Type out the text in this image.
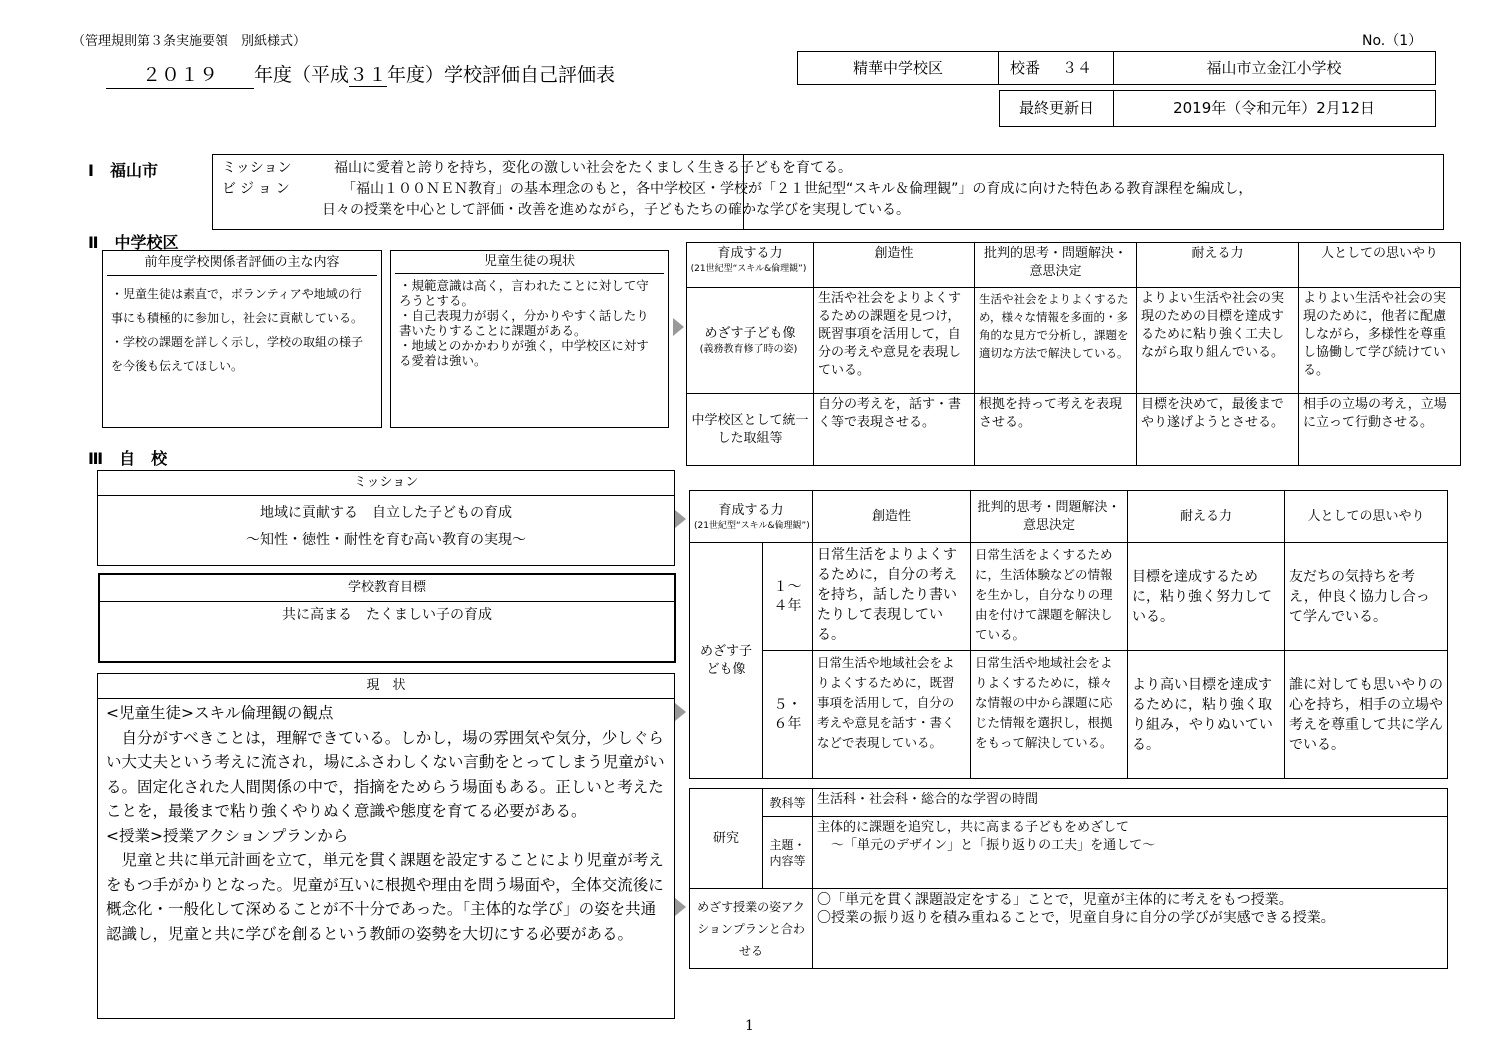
（管理規則第３条実施要領　別紙様式）	No.（1）
２０１９ 年度（平成３１年度）学校評価自己評価表	精華中学校区	校番 ３４	福山市立金江小学校
最終更新日	2019年（令和元年）2月12日
Ⅰ　福山市	ミッション	福山に愛着と誇りを持ち，変化の激しい社会をたくましく生きる子どもを育てる。
ビジョン	「福山１００ＮＥＮ教育」の基本理念のもと，各中学校区・学校が「２１世紀型“スキル＆倫理観”」の育成に向けた特色ある教育課程を編成し，
日々の授業を中心として評価・改善を進めながら，子どもたちの確かな学びを実現している。
Ⅱ　中学校区
前年度学校関係者評価の主な内容
・児童生徒は素直で，ボランティアや地域の行事にも積極的に参加し，社会に貢献している。
・学校の課題を詳しく示し，学校の取組の様子を今後も伝えてほしい。
児童生徒の現状
・規範意識は高く，言われたことに対して守ろうとする。
・自己表現力が弱く，分かりやすく話したり書いたりすることに課題がある。
・地域とのかかわりが強く，中学校区に対する愛着は強い。
育成する力
(21世紀型“スキル&倫理観”)	創造性	批判的思考・問題解決・意思決定	耐える力	人としての思いやり

めざす子ども像
(義務教育修了時の姿)	生活や社会をよりよくするための課題を見つけ，既習事項を活用して，自分の考えや意見を表現している。	生活や社会をよりよくするため，様々な情報を多面的・多角的な見方で分析し，課題を適切な方法で解決している。	よりよい生活や社会の実現のための目標を達成するために粘り強く工夫しながら取り組んでいる。	よりよい生活や社会の実現のために，他者に配慮しながら，多様性を尊重し協働して学び続けている。
中学校区として統一した取組等	自分の考えを，話す・書く等で表現させる。	根拠を持って考えを表現させる。	目標を決めて，最後までやり遂げようとさせる。	相手の立場の考え，立場に立って行動させる。
Ⅲ　自　校
ミッション
地域に貢献する　自立した子どもの育成
～知性・徳性・耐性を育む高い教育の実現～
学校教育目標
共に高まる　たくましい子の育成
現　状
<児童生徒>スキル倫理観の観点
　自分がすべきことは，理解できている。しかし，場の雰囲気や気分，少しぐらい大丈夫という考えに流され，場にふさわしくない言動をとってしまう児童がいる。固定化された人間関係の中で，指摘をためらう場面もある。正しいと考えたことを，最後まで粘り強くやりぬく意識や態度を育てる必要がある。
<授業>授業アクションプランから
　児童と共に単元計画を立て，単元を貫く課題を設定することにより児童が考えをもつ手がかりとなった。児童が互いに根拠や理由を問う場面や，全体交流後に概念化・一般化して深めることが不十分であった。「主体的な学び」の姿を共通認識し，児童と共に学びを創るという教師の姿勢を大切にする必要がある。
育成する力
(21世紀型“スキル&倫理観”)		創造性	批判的思考・問題解決・意思決定	耐える力	人としての思いやり
めざす子ども像	１～４年	日常生活をよりよくするために，自分の考えを持ち，話したり書いたりして表現している。	日常生活をよくするために，生活体験などの情報を生かし，自分なりの理由を付けて課題を解決している。	目標を達成するために，粘り強く努力している。	友だちの気持ちを考え，仲良く協力し合って学んでいる。
	５・６年	日常生活や地域社会をよりよくするために，既習事項を活用して，自分の考えや意見を話す・書くなどで表現している。	日常生活や地域社会をよりよくするために，様々な情報の中から課題に応じた情報を選択し，根拠をもって解決している。	より高い目標を達成するために，粘り強く取り組み，やりぬいている。	誰に対しても思いやりの心を持ち，相手の立場や考えを尊重して共に学んでいる。
研究	教科等	生活科・社会科・総合的な学習の時間
	主題・内容等	主体的に課題を追究し，共に高まる子どもをめざして
～「単元のデザイン」と「振り返りの工夫」を通して～

めざす授業の姿アクションプランと合わせる		〇「単元を貫く課題設定をする」ことで，児童が主体的に考えをもつ授業。
〇授業の振り返りを積み重ねることで，児童自身に自分の学びが実感できる授業。
1
